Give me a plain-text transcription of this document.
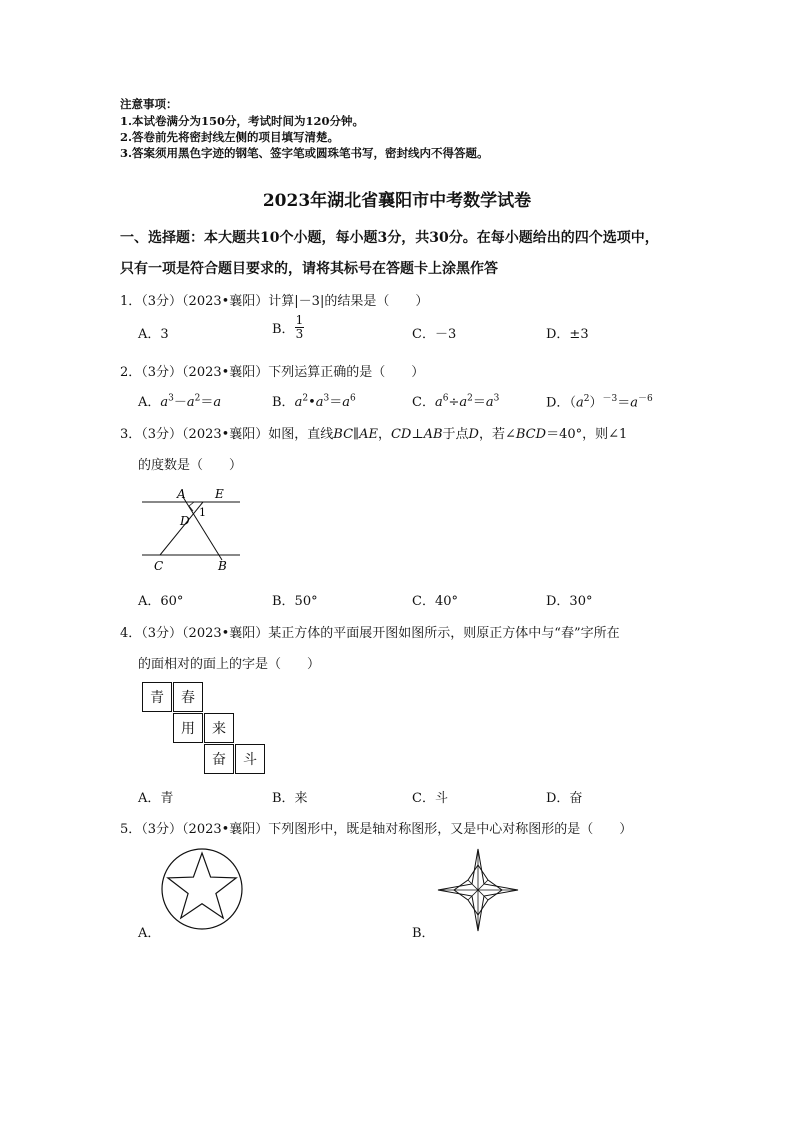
注意事项：
1.本试卷满分为150分，考试时间为120分钟。
2.答卷前先将密封线左侧的项目填写清楚。
3.答案须用黑色字迹的钢笔、签字笔或圆珠笔书写，密封线内不得答题。
2023年湖北省襄阳市中考数学试卷
一、选择题：本大题共10个小题，每小题3分，共30分。在每小题给出的四个选项中，
只有一项是符合题目要求的，请将其标号在答题卡上涂黑作答
1．（3分）（2023•襄阳）计算|－3|的结果是（　　）
A．3	B． $\frac{1}{3}$	C．－3	D．±3
2．（3分）（2023•襄阳）下列运算正确的是（　　）
A．$a^3-a^2=a$	B．$a^2•a^3=a^6$	C．$a^6\div a^2=a^3$	D．$(a^2)^{-3}=a^{-6}$
3．（3分）（2023•襄阳）如图，直线BC∥AE，CD⊥AB于点D，若∠BCD＝40°，则∠1
的度数是（　　）
A E
1
D
C	B
A．60°	B．50°	C．40°	D．30°
4．（3分）（2023•襄阳）某正方体的平面展开图如图所示，则原正方体中与“春”字所在
的面相对的面上的字是（　　）
青	春
用	来
奋	斗
A．青	B．来	C．斗	D．奋
5．（3分）（2023•襄阳）下列图形中，既是轴对称图形，又是中心对称图形的是（　　）
A．	B．
